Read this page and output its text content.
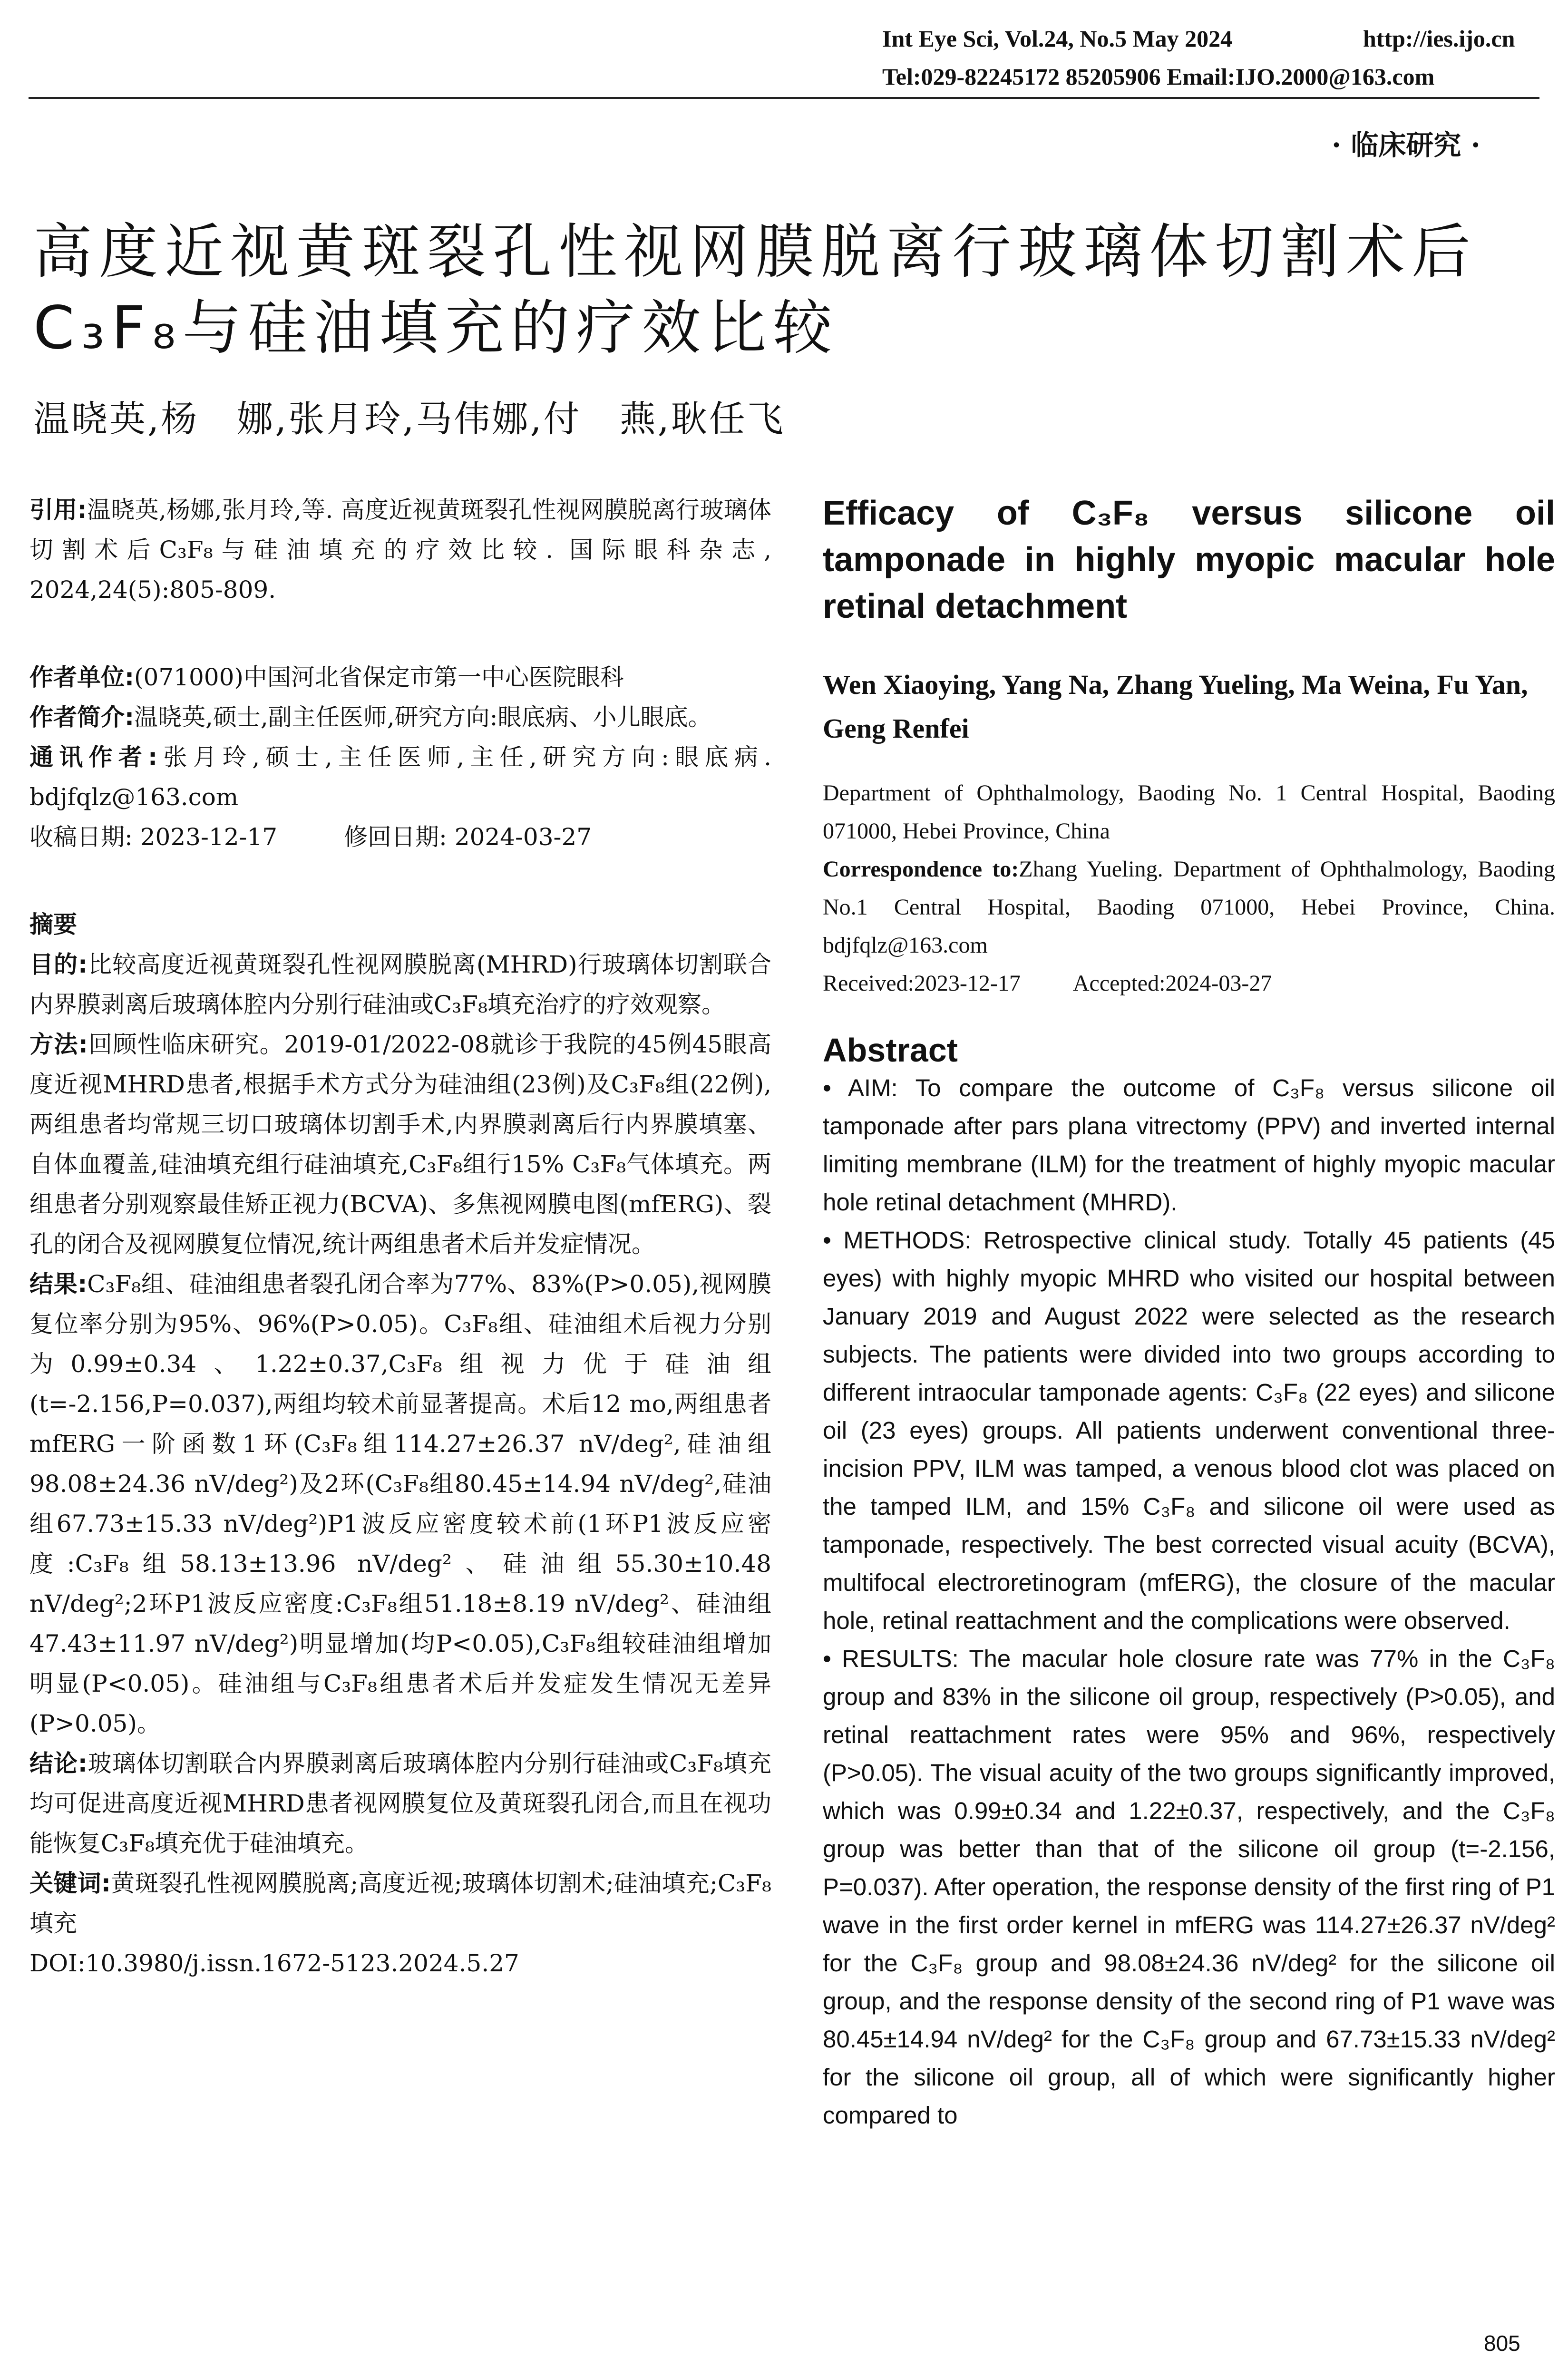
Int Eye Sci, Vol.24, No.5 May 2024	http://ies.ijo.cn
Tel:029-82245172 85205906 Email:IJO.2000@163.com
· 临床研究 ·
高度近视黄斑裂孔性视网膜脱离行玻璃体切割术后
C₃F₈与硅油填充的疗效比较
温晓英,杨　娜,张月玲,马伟娜,付　燕,耿任飞

引用:温晓英,杨娜,张月玲,等. 高度近视黄斑裂孔性视网膜脱离行玻璃体切割术后C₃F₈与硅油填充的疗效比较. 国际眼科杂志, 2024,24(5):805-809.

作者单位:(071000)中国河北省保定市第一中心医院眼科

作者简介:温晓英,硕士,副主任医师,研究方向:眼底病、小儿眼底。

通讯作者:张月玲,硕士,主任医师,主任,研究方向:眼底病. bdjfqlz@163.com

收稿日期: 2023-12-17	修回日期: 2024-03-27

摘要

目的:比较高度近视黄斑裂孔性视网膜脱离(MHRD)行玻璃体切割联合内界膜剥离后玻璃体腔内分别行硅油或C₃F₈填充治疗的疗效观察。

方法:回顾性临床研究。2019-01/2022-08就诊于我院的45例45眼高度近视MHRD患者,根据手术方式分为硅油组(23例)及C₃F₈组(22例),两组患者均常规三切口玻璃体切割手术,内界膜剥离后行内界膜填塞、自体血覆盖,硅油填充组行硅油填充,C₃F₈组行15% C₃F₈气体填充。两组患者分别观察最佳矫正视力(BCVA)、多焦视网膜电图(mfERG)、裂孔的闭合及视网膜复位情况,统计两组患者术后并发症情况。

结果:C₃F₈组、硅油组患者裂孔闭合率为77%、83%(P>0.05),视网膜复位率分别为95%、96%(P>0.05)。C₃F₈组、硅油组术后视力分别为0.99±0.34、1.22±0.37,C₃F₈组视力优于硅油组(t=-2.156,P=0.037),两组均较术前显著提高。术后12 mo,两组患者mfERG一阶函数1环(C₃F₈组114.27±26.37 nV/deg²,硅油组98.08±24.36 nV/deg²)及2环(C₃F₈组80.45±14.94 nV/deg²,硅油组67.73±15.33 nV/deg²)P1波反应密度较术前(1环P1波反应密度:C₃F₈组58.13±13.96 nV/deg²、硅油组55.30±10.48 nV/deg²;2环P1波反应密度:C₃F₈组51.18±8.19 nV/deg²、硅油组47.43±11.97 nV/deg²)明显增加(均P<0.05),C₃F₈组较硅油组增加明显(P<0.05)。硅油组与C₃F₈组患者术后并发症发生情况无差异(P>0.05)。

结论:玻璃体切割联合内界膜剥离后玻璃体腔内分别行硅油或C₃F₈填充均可促进高度近视MHRD患者视网膜复位及黄斑裂孔闭合,而且在视功能恢复C₃F₈填充优于硅油填充。

关键词:黄斑裂孔性视网膜脱离;高度近视;玻璃体切割术;硅油填充;C₃F₈填充

DOI:10.3980/j.issn.1672-5123.2024.5.27

Efficacy of C₃F₈ versus silicone oil tamponade in highly myopic macular hole retinal detachment
Wen Xiaoying, Yang Na, Zhang Yueling, Ma Weina, Fu Yan, Geng Renfei
Department of Ophthalmology, Baoding No. 1 Central Hospital, Baoding 071000, Hebei Province, China
Correspondence to:Zhang Yueling. Department of Ophthalmology, Baoding No.1 Central Hospital, Baoding 071000, Hebei Province, China. bdjfqlz@163.com
Received:2023-12-17 Accepted:2024-03-27
Abstract

• AIM: To compare the outcome of C₃F₈ versus silicone oil tamponade after pars plana vitrectomy (PPV) and inverted internal limiting membrane (ILM) for the treatment of highly myopic macular hole retinal detachment (MHRD).

• METHODS: Retrospective clinical study. Totally 45 patients (45 eyes) with highly myopic MHRD who visited our hospital between January 2019 and August 2022 were selected as the research subjects. The patients were divided into two groups according to different intraocular tamponade agents: C₃F₈ (22 eyes) and silicone oil (23 eyes) groups. All patients underwent conventional three-incision PPV, ILM was tamped, a venous blood clot was placed on the tamped ILM, and 15% C₃F₈ and silicone oil were used as tamponade, respectively. The best corrected visual acuity (BCVA), multifocal electroretinogram (mfERG), the closure of the macular hole, retinal reattachment and the complications were observed.

• RESULTS: The macular hole closure rate was 77% in the C₃F₈ group and 83% in the silicone oil group, respectively (P>0.05), and retinal reattachment rates were 95% and 96%, respectively (P>0.05). The visual acuity of the two groups significantly improved, which was 0.99±0.34 and 1.22±0.37, respectively, and the C₃F₈ group was better than that of the silicone oil group (t=-2.156, P=0.037). After operation, the response density of the first ring of P1 wave in the first order kernel in mfERG was 114.27±26.37 nV/deg² for the C₃F₈ group and 98.08±24.36 nV/deg² for the silicone oil group, and the response density of the second ring of P1 wave was 80.45±14.94 nV/deg² for the C₃F₈ group and 67.73±15.33 nV/deg² for the silicone oil group, all of which were significantly higher compared to

805
